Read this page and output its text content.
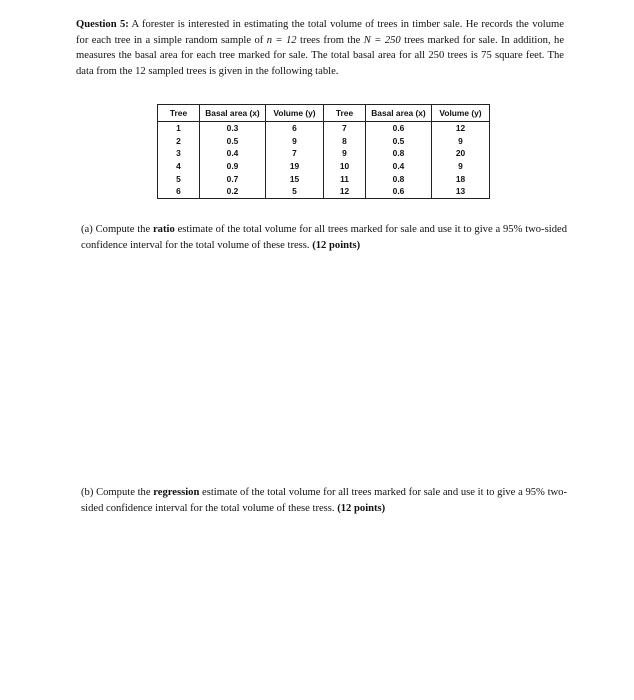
Question 5: A forester is interested in estimating the total volume of trees in timber sale. He records the volume for each tree in a simple random sample of n = 12 trees from the N = 250 trees marked for sale. In addition, he measures the basal area for each tree marked for sale. The total basal area for all 250 trees is 75 square feet. The data from the 12 sampled trees is given in the following table.

Tree	Basal area (x)	Volume (y)	Tree	Basal area (x)	Volume (y)
1	0.3	6	7	0.6	12
2	0.5	9	8	0.5	9
3	0.4	7	9	0.8	20
4	0.9	19	10	0.4	9
5	0.7	15	11	0.8	18
6	0.2	5	12	0.6	13
(a) Compute the ratio estimate of the total volume for all trees marked for sale and use it to give a 95% two-sided confidence interval for the total volume of these tress. (12 points)
(b) Compute the regression estimate of the total volume for all trees marked for sale and use it to give a 95% two-sided confidence interval for the total volume of these tress. (12 points)
